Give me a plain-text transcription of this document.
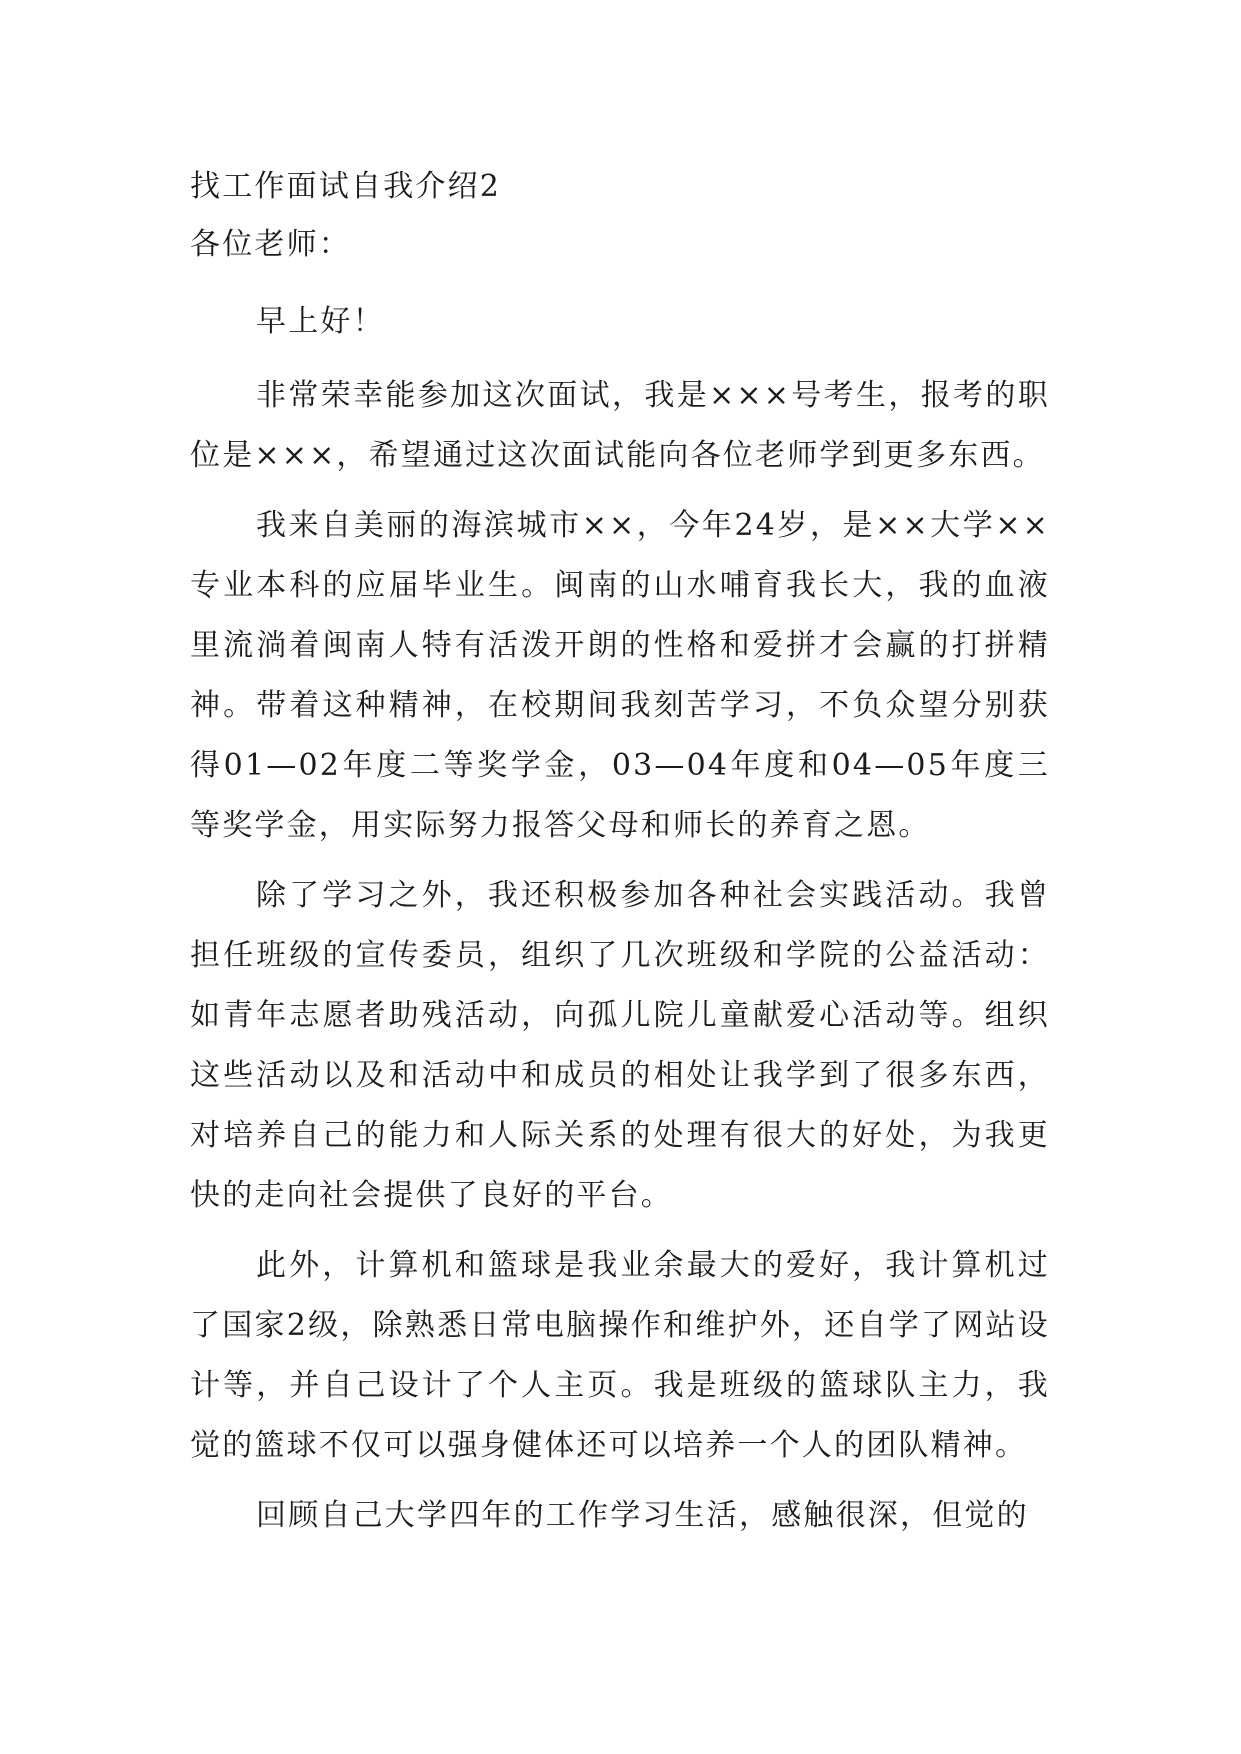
找工作面试自我介绍2

各位老师：

早上好！

非常荣幸能参加这次面试，我是×××号考生，报考的职位是×××，希望通过这次面试能向各位老师学到更多东西。

我来自美丽的海滨城市××，今年24岁，是××大学××专业本科的应届毕业生。闽南的山水哺育我长大，我的血液里流淌着闽南人特有活泼开朗的性格和爱拼才会赢的打拼精神。带着这种精神，在校期间我刻苦学习，不负众望分别获得01—02年度二等奖学金，03—04年度和04—05年度三等奖学金，用实际努力报答父母和师长的养育之恩。

除了学习之外，我还积极参加各种社会实践活动。我曾担任班级的宣传委员，组织了几次班级和学院的公益活动：如青年志愿者助残活动，向孤儿院儿童献爱心活动等。组织这些活动以及和活动中和成员的相处让我学到了很多东西，对培养自己的能力和人际关系的处理有很大的好处，为我更快的走向社会提供了良好的平台。

此外，计算机和篮球是我业余最大的爱好，我计算机过了国家2级，除熟悉日常电脑操作和维护外，还自学了网站设计等，并自己设计了个人主页。我是班级的篮球队主力，我觉的篮球不仅可以强身健体还可以培养一个人的团队精神。

回顾自己大学四年的工作学习生活，感触很深，但觉的
